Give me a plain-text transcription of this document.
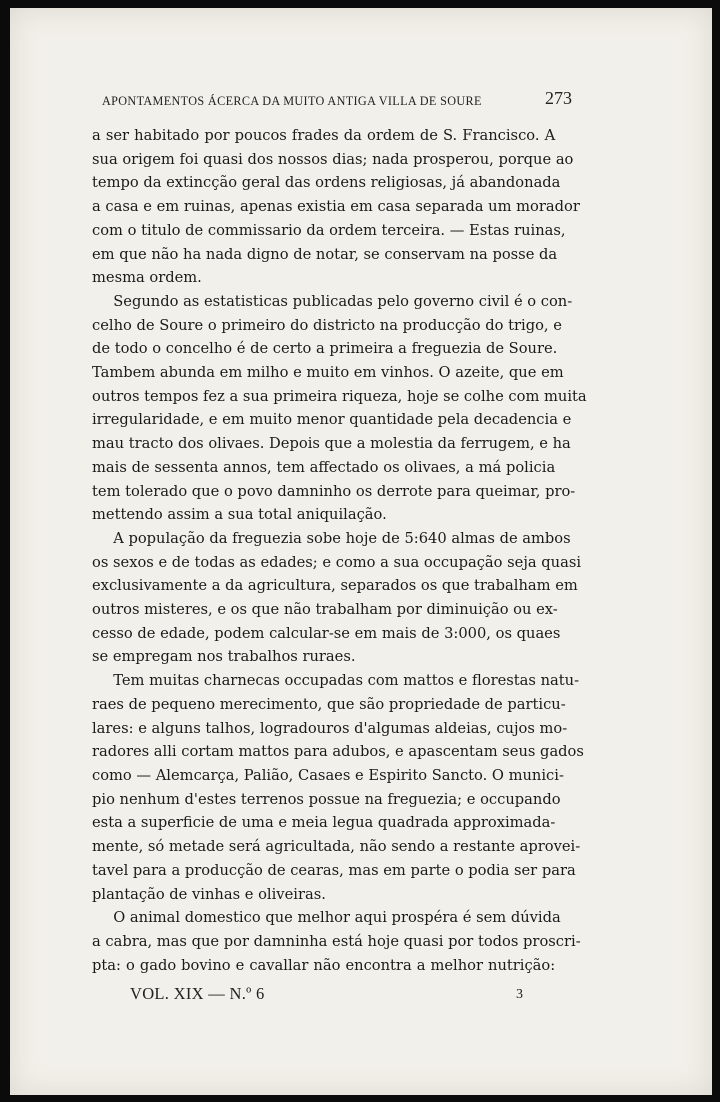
APONTAMENTOS ÁCERCA DA MUITO ANTIGA VILLA DE SOURE	273
a ser habitado por poucos frades da ordem de S. Francisco. A
sua origem foi quasi dos nossos dias; nada prosperou, porque ao
tempo da extincção geral das ordens religiosas, já abandonada
a casa e em ruinas, apenas existia em casa separada um morador
com o titulo de commissario da ordem terceira. — Estas ruinas,
em que não ha nada digno de notar, se conservam na posse da
mesma ordem.
Segundo as estatisticas publicadas pelo governo civil é o con-
celho de Soure o primeiro do districto na producção do trigo, e
de todo o concelho é de certo a primeira a freguezia de Soure.
Tambem abunda em milho e muito em vinhos. O azeite, que em
outros tempos fez a sua primeira riqueza, hoje se colhe com muita
irregularidade, e em muito menor quantidade pela decadencia e
mau tracto dos olivaes. Depois que a molestia da ferrugem, e ha
mais de sessenta annos, tem affectado os olivaes, a má policia
tem tolerado que o povo damninho os derrote para queimar, pro-
mettendo assim a sua total aniquilação.
A população da freguezia sobe hoje de 5:640 almas de ambos
os sexos e de todas as edades; e como a sua occupação seja quasi
exclusivamente a da agricultura, separados os que trabalham em
outros misteres, e os que não trabalham por diminuição ou ex-
cesso de edade, podem calcular-se em mais de 3:000, os quaes
se empregam nos trabalhos ruraes.
Tem muitas charnecas occupadas com mattos e florestas natu-
raes de pequeno merecimento, que são propriedade de particu-
lares: e alguns talhos, logradouros d'algumas aldeias, cujos mo-
radores alli cortam mattos para adubos, e apascentam seus gados
como — Alemcarça, Palião, Casaes e Espirito Sancto. O munici-
pio nenhum d'estes terrenos possue na freguezia; e occupando
esta a superficie de uma e meia legua quadrada approximada-
mente, só metade será agricultada, não sendo a restante aprovei-
tavel para a producção de cearas, mas em parte o podia ser para
plantação de vinhas e oliveiras.
O animal domestico que melhor aqui prospéra é sem dúvida
a cabra, mas que por damninha está hoje quasi por todos proscri-
pta: o gado bovino e cavallar não encontra a melhor nutrição:
VOL. XIX — N.º 6	3
